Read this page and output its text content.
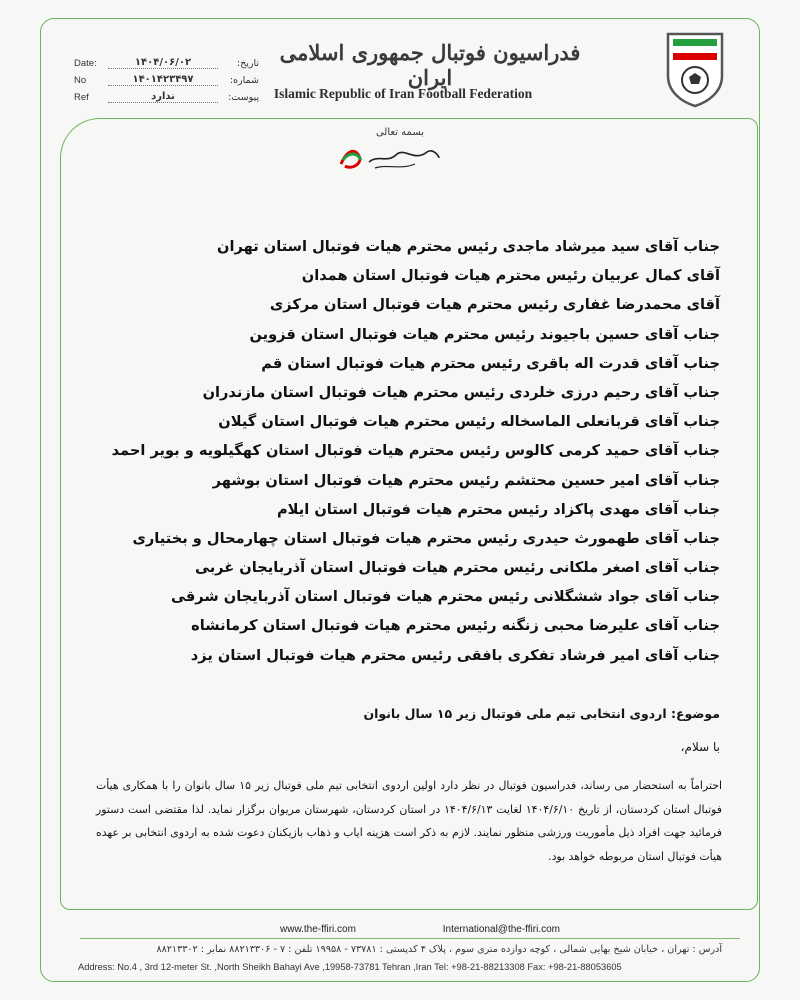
Date:	۱۴۰۴/۰۶/۰۲	تاریخ:
No	۱۴۰۱۴۲۳۴۹۷	شماره:
Ref	ندارد	پیوست:
فدراسیون فوتبال جمهوری اسلامی ایران
Islamic Republic of Iran Football Federation
بسمه تعالی
جناب آقای سید میرشاد ماجدی رئیس محترم هیات فوتبال استان تهران
آقای کمال عربیان رئیس محترم هیات فوتبال استان همدان
آقای محمدرضا غفاری رئیس محترم هیات فوتبال استان مرکزی
جناب آقای حسین باجیوند رئیس محترم هیات فوتبال استان قزوین
جناب آقای قدرت اله باقری رئیس محترم هیات فوتبال استان قم
جناب آقای رحیم درزی خلردی رئیس محترم هیات فوتبال استان مازندران
جناب آقای قربانعلی الماسخاله رئیس محترم هیات فوتبال استان گیلان
جناب آقای حمید کرمی کالوس رئیس محترم هیات فوتبال استان کهگیلویه و بویر احمد
جناب آقای امیر حسین محتشم رئیس محترم هیات فوتبال استان بوشهر
جناب آقای مهدی پاکزاد رئیس محترم هیات فوتبال استان ایلام
جناب آقای طهمورث حیدری رئیس محترم هیات فوتبال استان چهارمحال و بختیاری
جناب آقای اصغر ملکانی رئیس محترم هیات فوتبال استان آذربایجان غربی
جناب آقای جواد ششگلانی رئیس محترم هیات فوتبال استان آذربایجان شرقی
جناب آقای علیرضا محبی زنگنه رئیس محترم هیات فوتبال استان کرمانشاه
جناب آقای امیر فرشاد تفکری بافقی رئیس محترم هیات فوتبال استان یزد
موضوع: اردوی انتخابی تیم ملی فوتبال زیر ۱۵ سال بانوان
با سلام،
احتراماً به استحضار می رساند، فدراسیون فوتبال در نظر دارد اولین اردوی انتخابی تیم ملی فوتبال زیر ۱۵ سال بانوان را با همکاری هیأت فوتبال استان کردستان، از تاریخ ۱۴۰۴/۶/۱۰ لغایت ۱۴۰۴/۶/۱۳ در استان کردستان، شهرستان مریوان برگزار نماید. لذا مقتضی است دستور فرمائید جهت افراد ذیل مأموریت ورزشی منظور نمایند. لازم به ذکر است هزینه ایاب و ذهاب بازیکنان دعوت شده به اردوی انتخابی بر عهده هیأت فوتبال استان مربوطه خواهد بود.
www.the-ffiri.com	International@the-ffiri.com
آدرس : تهران ، خیابان شیخ بهایی شمالی ، کوچه دوازده متری سوم ، پلاک ۴ کدپستی : ۷۳۷۸۱ - ۱۹۹۵۸ تلفن : ۷ - ۸۸۲۱۳۳۰۶ نمابر : ۸۸۲۱۳۳۰۲
Address: No.4 , 3rd 12-meter St. ,North Sheikh Bahayi Ave ,19958-73781 Tehran ,Iran Tel: +98-21-88213308 Fax: +98-21-88053605
